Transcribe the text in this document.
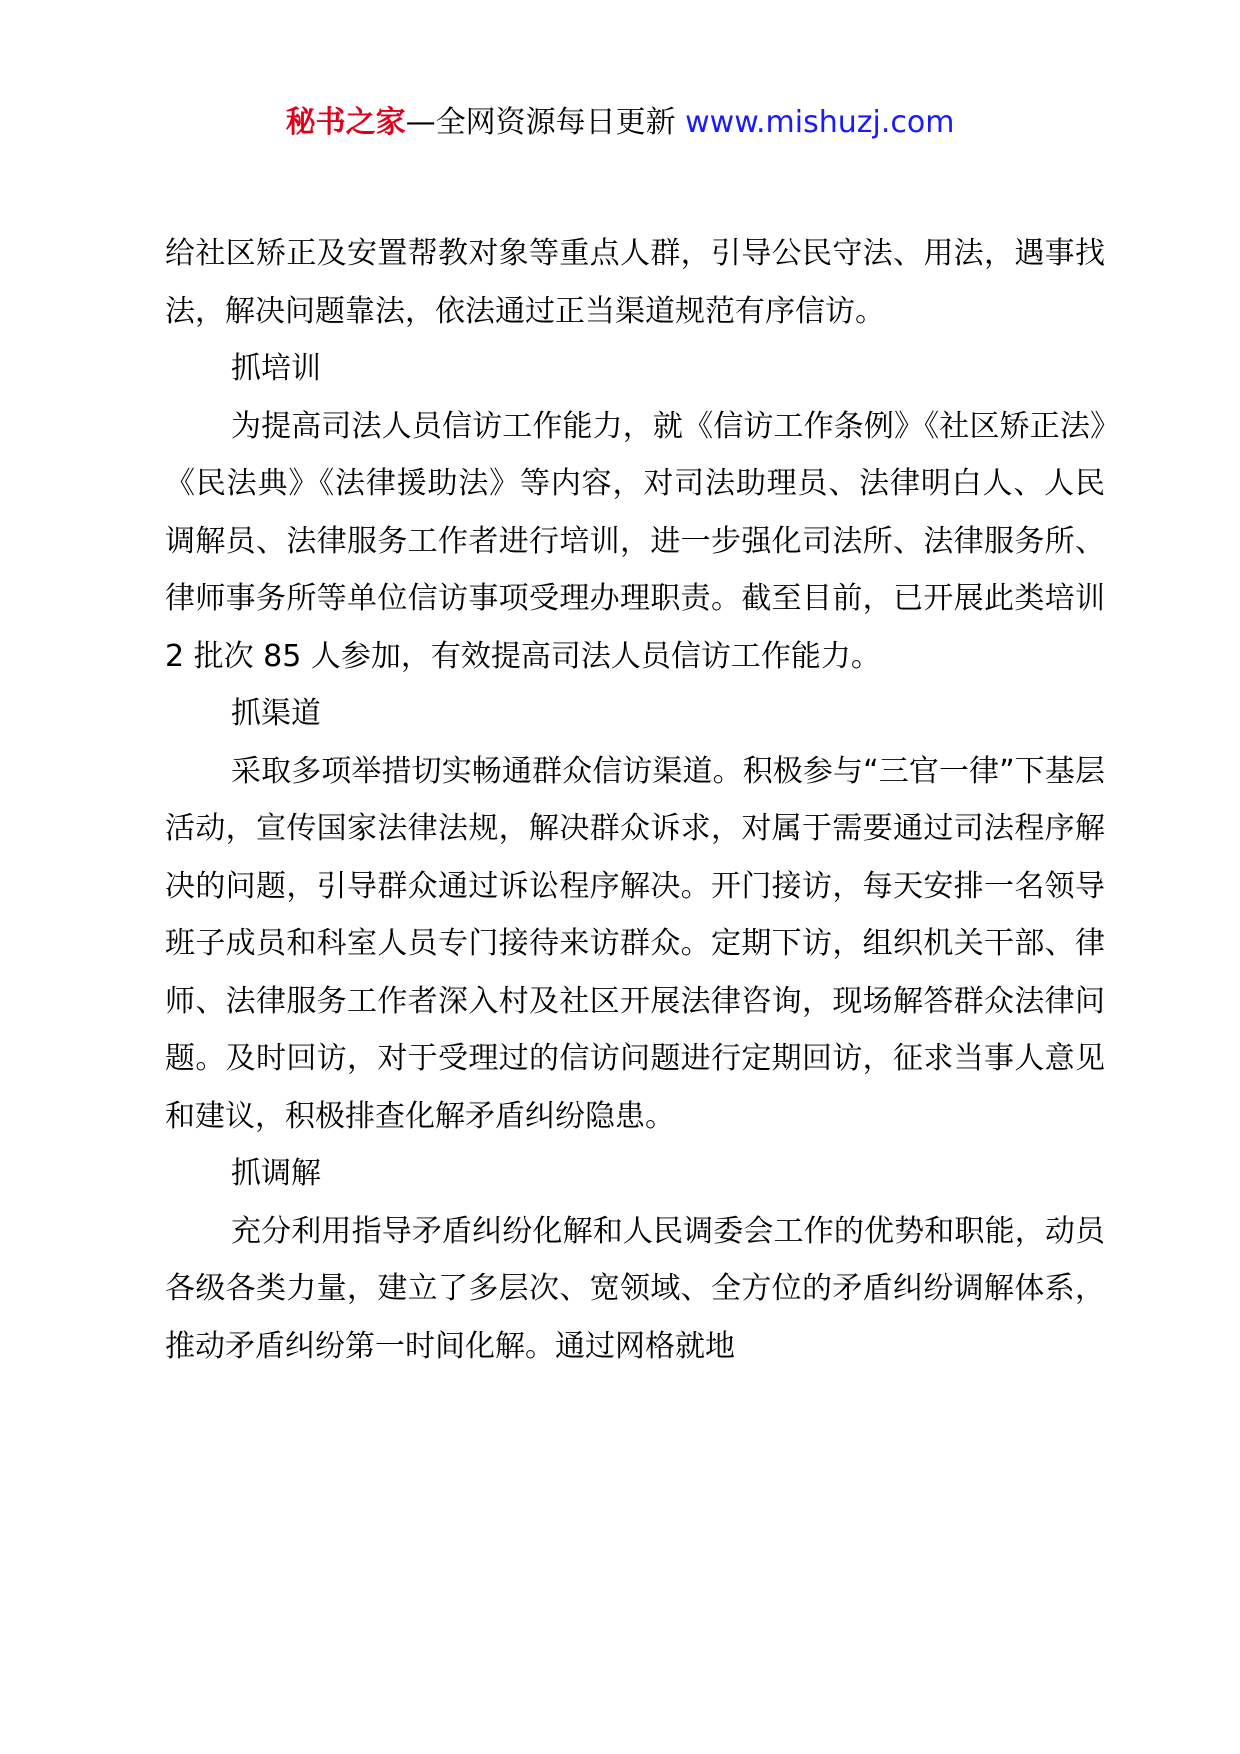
秘书之家—全网资源每日更新 www.mishuzj.com

给社区矫正及安置帮教对象等重点人群，引导公民守法、用法，遇事找法，解决问题靠法，依法通过正当渠道规范有序信访。

抓培训

为提高司法人员信访工作能力，就《信访工作条例》《社区矫正法》《民法典》《法律援助法》等内容，对司法助理员、法律明白人、人民调解员、法律服务工作者进行培训，进一步强化司法所、法律服务所、律师事务所等单位信访事项受理办理职责。截至目前，已开展此类培训 2 批次 85 人参加，有效提高司法人员信访工作能力。

抓渠道

采取多项举措切实畅通群众信访渠道。积极参与“三官一律”下基层活动，宣传国家法律法规，解决群众诉求，对属于需要通过司法程序解决的问题，引导群众通过诉讼程序解决。开门接访，每天安排一名领导班子成员和科室人员专门接待来访群众。定期下访，组织机关干部、律师、法律服务工作者深入村及社区开展法律咨询，现场解答群众法律问题。及时回访，对于受理过的信访问题进行定期回访，征求当事人意见和建议，积极排查化解矛盾纠纷隐患。

抓调解

充分利用指导矛盾纠纷化解和人民调委会工作的优势和职能，动员各级各类力量，建立了多层次、宽领域、全方位的矛盾纠纷调解体系，推动矛盾纠纷第一时间化解。通过网格就地
